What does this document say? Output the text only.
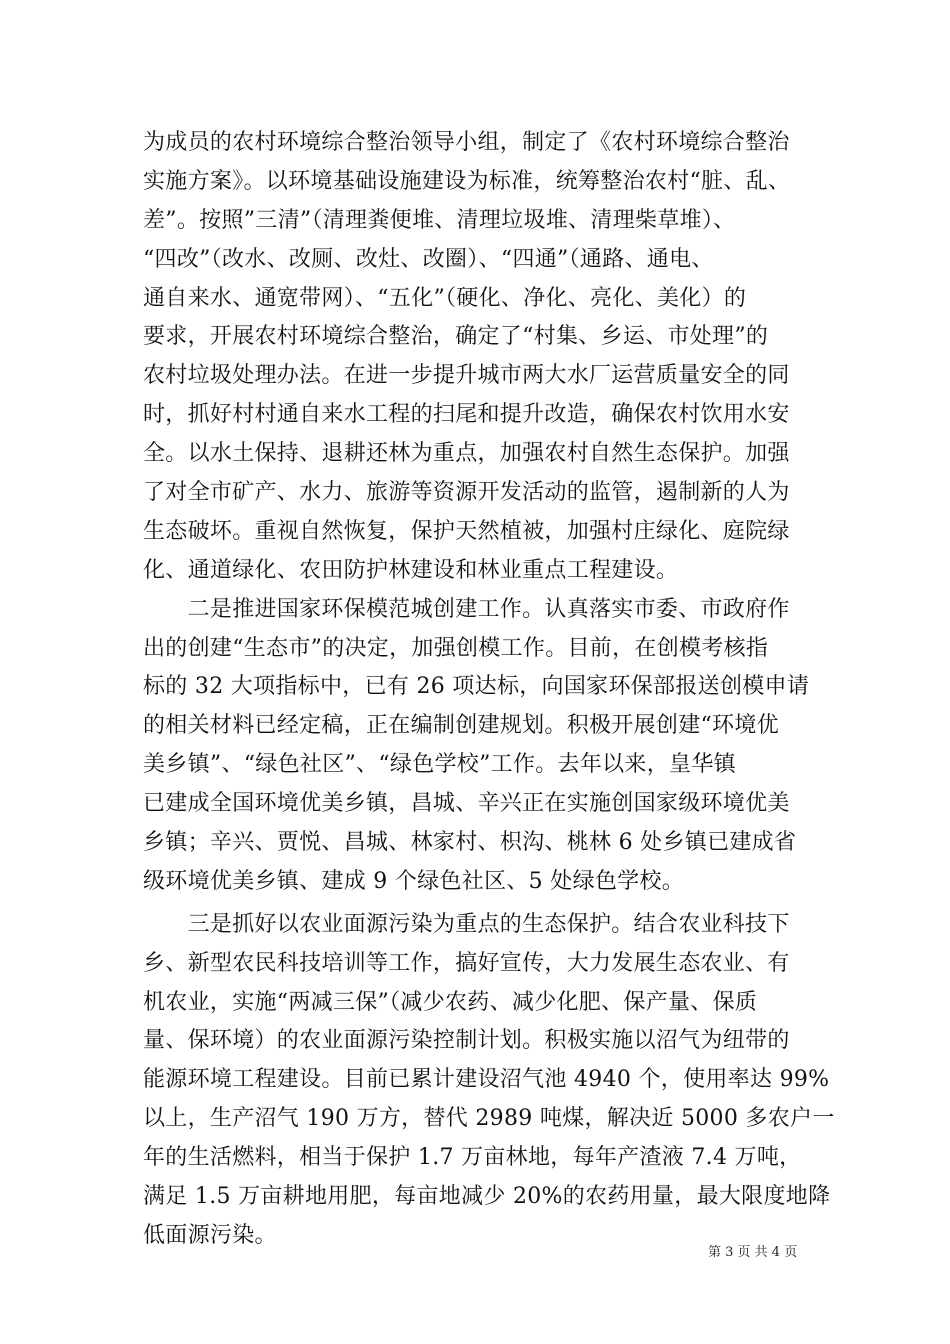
为成员的农村环境综合整治领导小组，制定了《农村环境综合整治
实施方案》。以环境基础设施建设为标准，统筹整治农村“脏、乱、
差”。按照”三清”（清理粪便堆、清理垃圾堆、清理柴草堆）、
“四改”（改水、改厕、改灶、改圈）、“四通”（通路、通电、
通自来水、通宽带网）、“五化”（硬化、净化、亮化、美化）的
要求，开展农村环境综合整治，确定了“村集、乡运、市处理”的
农村垃圾处理办法。在进一步提升城市两大水厂运营质量安全的同
时，抓好村村通自来水工程的扫尾和提升改造，确保农村饮用水安
全。以水土保持、退耕还林为重点，加强农村自然生态保护。加强
了对全市矿产、水力、旅游等资源开发活动的监管，遏制新的人为
生态破坏。重视自然恢复，保护天然植被，加强村庄绿化、庭院绿
化、通道绿化、农田防护林建设和林业重点工程建设。
　　二是推进国家环保模范城创建工作。认真落实市委、市政府作
出的创建“生态市”的决定，加强创模工作。目前，在创模考核指
标的 32 大项指标中，已有 26 项达标，向国家环保部报送创模申请
的相关材料已经定稿，正在编制创建规划。积极开展创建“环境优
美乡镇”、“绿色社区”、“绿色学校”工作。去年以来，皇华镇
已建成全国环境优美乡镇，昌城、辛兴正在实施创国家级环境优美
乡镇；辛兴、贾悦、昌城、林家村、枳沟、桃林 6 处乡镇已建成省
级环境优美乡镇、建成 9 个绿色社区、5 处绿色学校。
　　三是抓好以农业面源污染为重点的生态保护。结合农业科技下
乡、新型农民科技培训等工作，搞好宣传，大力发展生态农业、有
机农业，实施“两减三保”（减少农药、减少化肥、保产量、保质
量、保环境）的农业面源污染控制计划。积极实施以沼气为纽带的
能源环境工程建设。目前已累计建设沼气池 4940 个，使用率达 99%
以上，生产沼气 190 万方，替代 2989 吨煤，解决近 5000 多农户一
年的生活燃料，相当于保护 1.7 万亩林地，每年产渣液 7.4 万吨，
满足 1.5 万亩耕地用肥，每亩地减少 20%的农药用量，最大限度地降
低面源污染。
第 3 页 共 4 页
